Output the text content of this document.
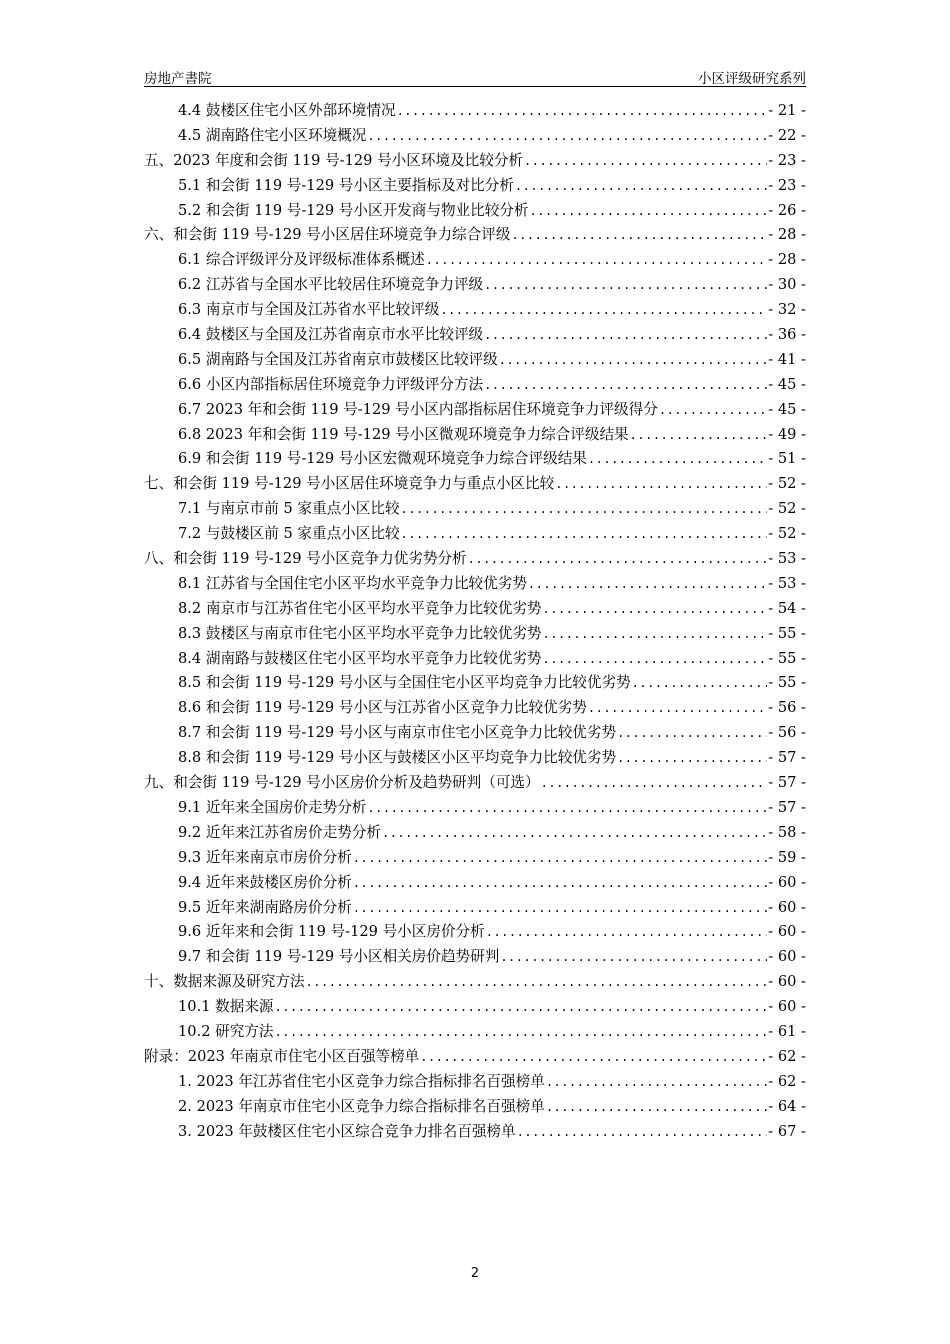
房地产書院	小区评级研究系列
4.4 鼓楼区住宅小区外部环境情况 .....	- 21 -
4.5 湖南路住宅小区环境概况 .....	- 22 -
五、2023 年度和会街 119 号-129 号小区环境及比较分析 .....	- 23 -
5.1 和会街 119 号-129 号小区主要指标及对比分析 .....	- 23 -
5.2 和会街 119 号-129 号小区开发商与物业比较分析 .....	- 26 -
六、和会街 119 号-129 号小区居住环境竞争力综合评级 .....	- 28 -
6.1 综合评级评分及评级标准体系概述 .....	- 28 -
6.2 江苏省与全国水平比较居住环境竞争力评级 .....	- 30 -
6.3 南京市与全国及江苏省水平比较评级 .....	- 32 -
6.4 鼓楼区与全国及江苏省南京市水平比较评级 .....	- 36 -
6.5 湖南路与全国及江苏省南京市鼓楼区比较评级 .....	- 41 -
6.6 小区内部指标居住环境竞争力评级评分方法 .....	- 45 -
6.7 2023 年和会街 119 号-129 号小区内部指标居住环境竞争力评级得分 .....	- 45 -
6.8 2023 年和会街 119 号-129 号小区微观环境竞争力综合评级结果 .....	- 49 -
6.9 和会街 119 号-129 号小区宏微观环境竞争力综合评级结果 .....	- 51 -
七、和会街 119 号-129 号小区居住环境竞争力与重点小区比较 .....	- 52 -
7.1 与南京市前 5 家重点小区比较 .....	- 52 -
7.2 与鼓楼区前 5 家重点小区比较 .....	- 52 -
八、和会街 119 号-129 号小区竞争力优劣势分析 .....	- 53 -
8.1 江苏省与全国住宅小区平均水平竞争力比较优劣势 .....	- 53 -
8.2 南京市与江苏省住宅小区平均水平竞争力比较优劣势 .....	- 54 -
8.3 鼓楼区与南京市住宅小区平均水平竞争力比较优劣势 .....	- 55 -
8.4 湖南路与鼓楼区住宅小区平均水平竞争力比较优劣势 .....	- 55 -
8.5 和会街 119 号-129 号小区与全国住宅小区平均竞争力比较优劣势 .....	- 55 -
8.6 和会街 119 号-129 号小区与江苏省小区竞争力比较优劣势 .....	- 56 -
8.7 和会街 119 号-129 号小区与南京市住宅小区竞争力比较优劣势 .....	- 56 -
8.8 和会街 119 号-129 号小区与鼓楼区小区平均竞争力比较优劣势 .....	- 57 -
九、和会街 119 号-129 号小区房价分析及趋势研判（可选） .....	- 57 -
9.1 近年来全国房价走势分析 .....	- 57 -
9.2 近年来江苏省房价走势分析 .....	- 58 -
9.3 近年来南京市房价分析 .....	- 59 -
9.4 近年来鼓楼区房价分析 .....	- 60 -
9.5 近年来湖南路房价分析 .....	- 60 -
9.6 近年来和会街 119 号-129 号小区房价分析 .....	- 60 -
9.7 和会街 119 号-129 号小区相关房价趋势研判 .....	- 60 -
十、数据来源及研究方法 .....	- 60 -
10.1 数据来源 .....	- 60 -
10.2 研究方法 .....	- 61 -
附录：2023 年南京市住宅小区百强等榜单 .....	- 62 -
1. 2023 年江苏省住宅小区竞争力综合指标排名百强榜单 .....	- 62 -
2. 2023 年南京市住宅小区竞争力综合指标排名百强榜单 .....	- 64 -
3. 2023 年鼓楼区住宅小区综合竞争力排名百强榜单 .....	- 67 -
2
